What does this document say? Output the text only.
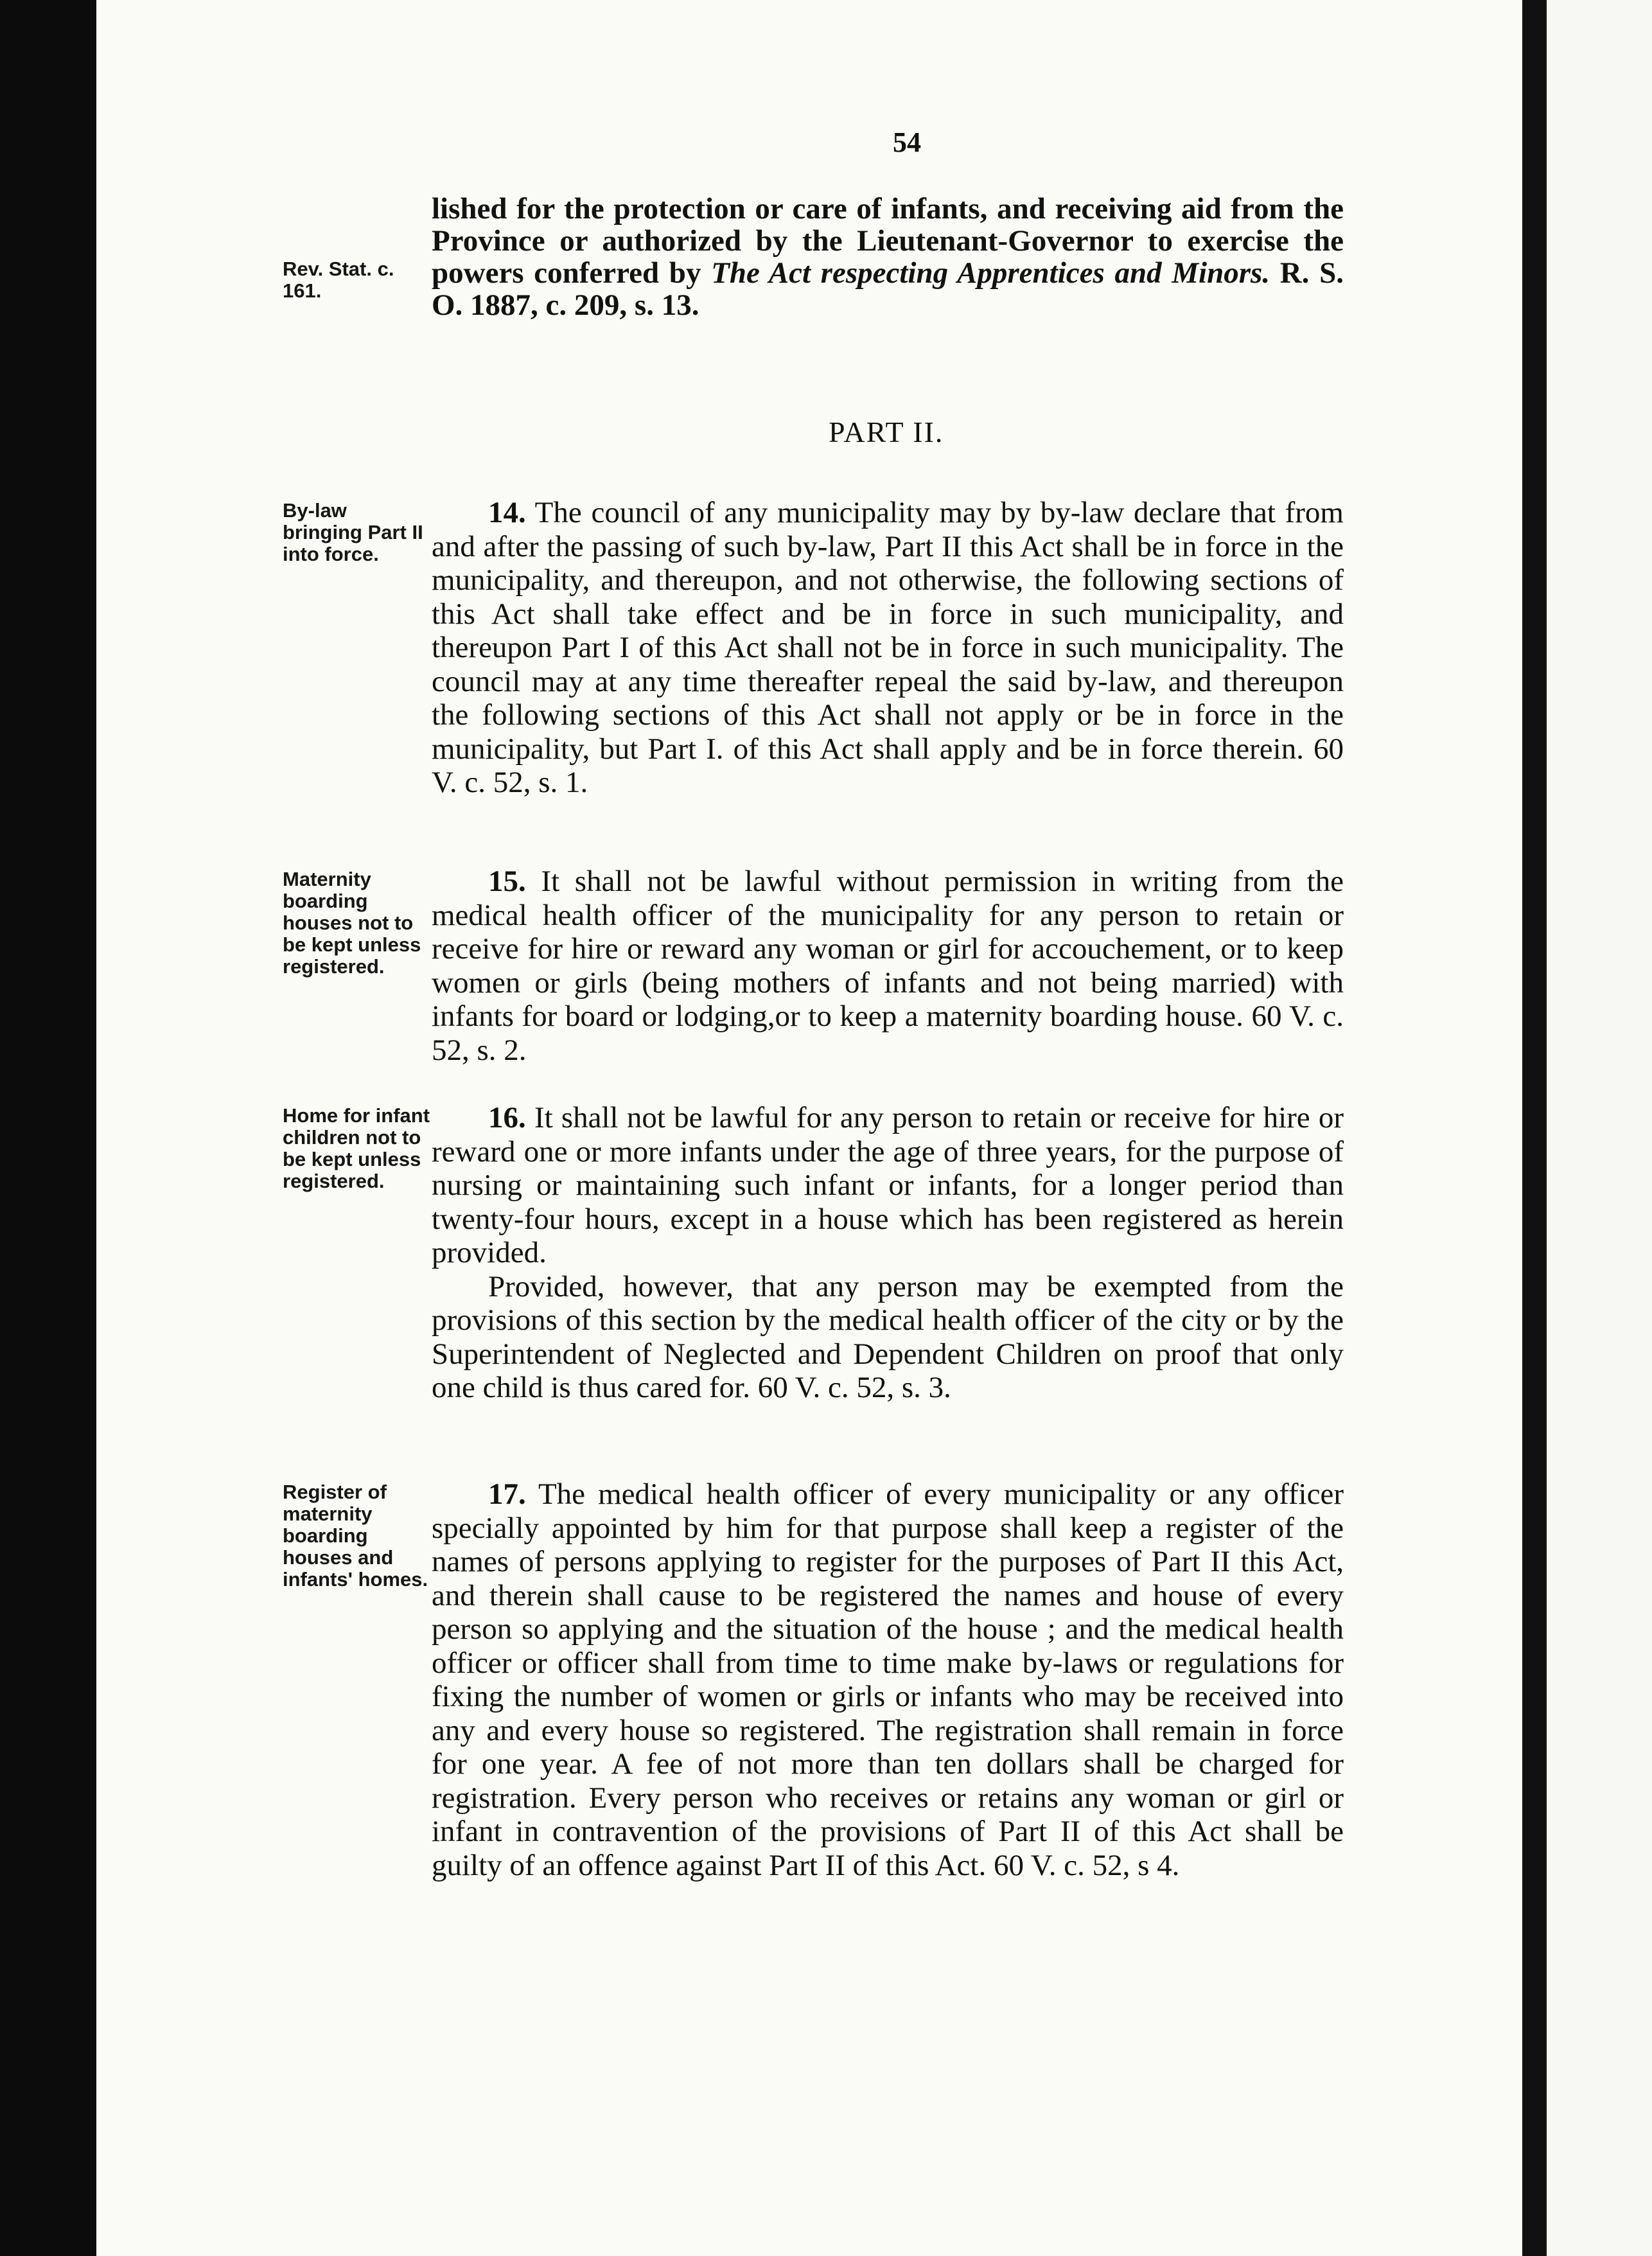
54
Rev. Stat. c. 161.

lished for the protection or care of infants, and receiving aid from the Province or authorized by the Lieutenant-Governor to exercise the powers conferred by The Act respecting Apprentices and Minors. R. S. O. 1887, c. 209, s. 13.

PART II.
By-law bringing Part II into force.

14. The council of any municipality may by by-law declare that from and after the passing of such by-law, Part II this Act shall be in force in the municipality, and thereupon, and not otherwise, the following sections of this Act shall take effect and be in force in such municipality, and thereupon Part I of this Act shall not be in force in such municipality. The council may at any time thereafter repeal the said by-law, and thereupon the following sections of this Act shall not apply or be in force in the municipality, but Part I. of this Act shall apply and be in force therein. 60 V. c. 52, s. 1.

Maternity boarding houses not to be kept unless registered.

15. It shall not be lawful without permission in writing from the medical health officer of the municipality for any person to retain or receive for hire or reward any woman or girl for accouchement, or to keep women or girls (being mothers of infants and not being married) with infants for board or lodging,or to keep a maternity boarding house. 60 V. c. 52, s. 2.

Home for infant children not to be kept unless registered.

16. It shall not be lawful for any person to retain or receive for hire or reward one or more infants under the age of three years, for the purpose of nursing or maintaining such infant or infants, for a longer period than twenty-four hours, except in a house which has been registered as herein provided.

Provided, however, that any person may be exempted from the provisions of this section by the medical health officer of the city or by the Superintendent of Neglected and Dependent Children on proof that only one child is thus cared for. 60 V. c. 52, s. 3.

Register of maternity boarding houses and infants' homes.

17. The medical health officer of every municipality or any officer specially appointed by him for that purpose shall keep a register of the names of persons applying to register for the purposes of Part II this Act, and therein shall cause to be registered the names and house of every person so applying and the situation of the house ; and the medical health officer or officer shall from time to time make by-laws or regulations for fixing the number of women or girls or infants who may be received into any and every house so registered. The registration shall remain in force for one year. A fee of not more than ten dollars shall be charged for registration. Every person who receives or retains any woman or girl or infant in contravention of the provisions of Part II of this Act shall be guilty of an offence against Part II of this Act. 60 V. c. 52, s 4.
